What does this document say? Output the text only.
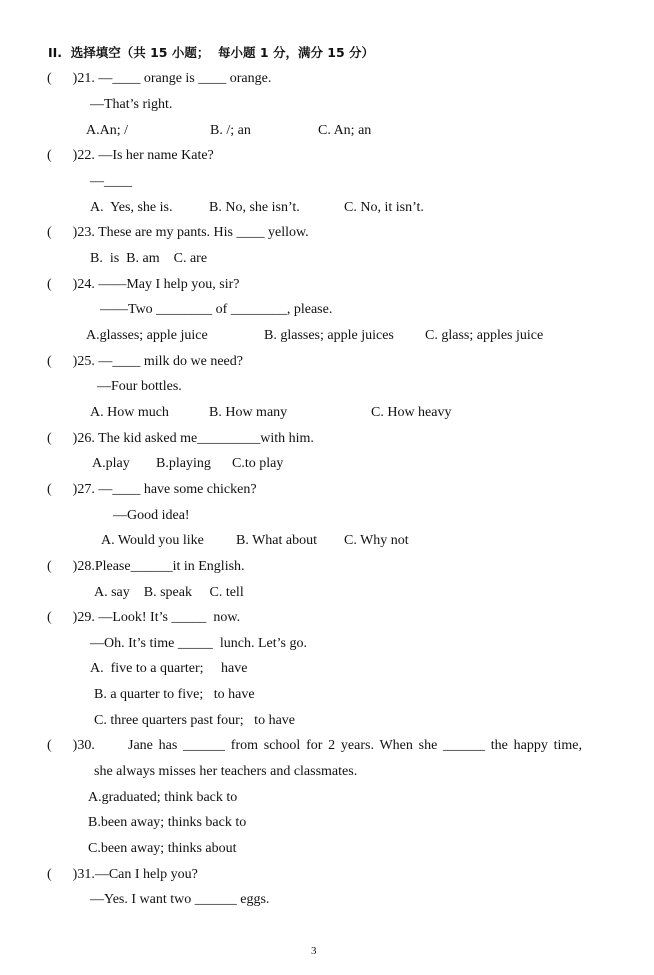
II.  选择填空（共 15 小题；  每小题 1 分，满分 15 分）
(      )21. —____ orange is ____ orange.
—That’s right.
A.An; /	B. /; an	C. An; an
(      )22. —Is her name Kate?
—____
A.  Yes, she is.	B. No, she isn’t.	C. No, it isn’t.
(      )23. These are my pants. His ____ yellow.
B.  is  B. am    C. are
(      )24. ——May I help you, sir?
——Two ________ of ________, please.
A.glasses; apple juice	B. glasses; apple juices C. glass; apples juice
(      )25. —____ milk do we need?
—Four bottles.
A. How much	B. How many	C. How heavy
(      )26. The kid asked me_________with him.
A.play B.playing C.to play
(      )27. —____ have some chicken?
—Good idea!
A. Would you like B. What about C. Why not
(      )28.Please______it in English.
A. say    B. speak     C. tell
(      )29. —Look! It’s _____  now.
—Oh. It’s time _____  lunch. Let’s go.
A.  five to a quarter;     have
B. a quarter to five;   to have
C. three quarters past four;   to have
(      )30. Jane has ______ from school for 2 years. When she ______ the happy time,
she always misses her teachers and classmates.
A.graduated; think back to
B.been away; thinks back to
C.been away; thinks about
(      )31.—Can I help you?
—Yes. I want two ______ eggs.
3
